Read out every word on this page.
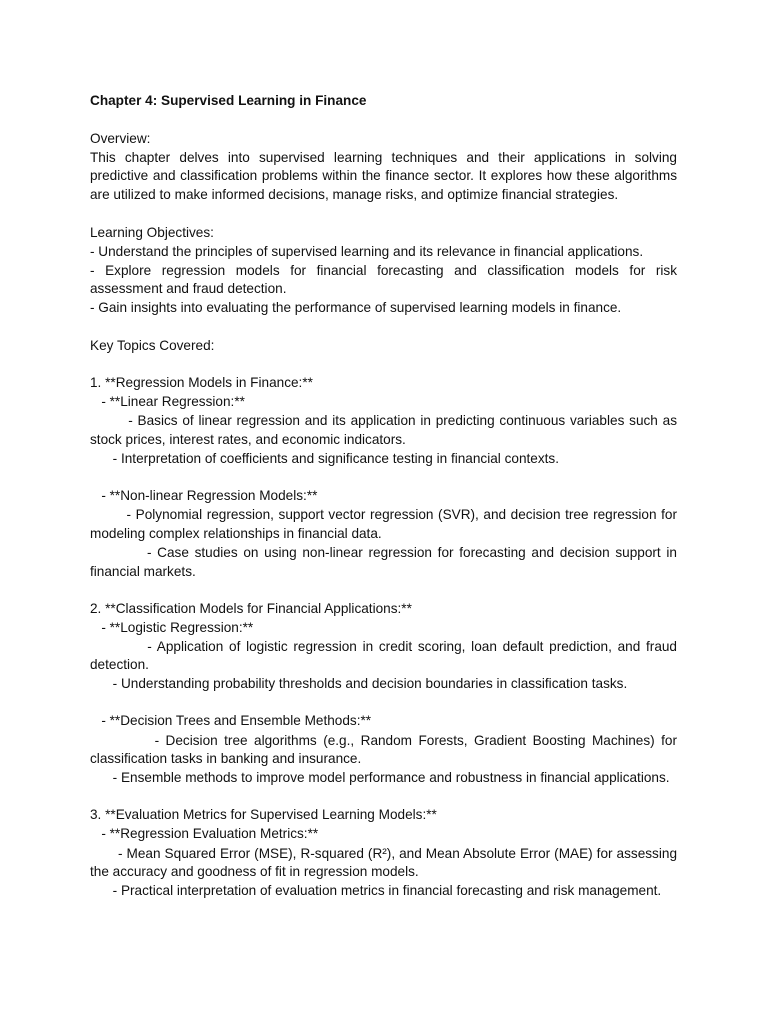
Chapter 4: Supervised Learning in Finance
Overview:
This chapter delves into supervised learning techniques and their applications in solving
predictive and classification problems within the finance sector. It explores how these algorithms
are utilized to make informed decisions, manage risks, and optimize financial strategies.
Learning Objectives:
- Understand the principles of supervised learning and its relevance in financial applications.
- Explore regression models for financial forecasting and classification models for risk
assessment and fraud detection.
- Gain insights into evaluating the performance of supervised learning models in finance.
Key Topics Covered:
1. **Regression Models in Finance:**
- **Linear Regression:**
- Basics of linear regression and its application in predicting continuous variables such as
stock prices, interest rates, and economic indicators.
- Interpretation of coefficients and significance testing in financial contexts.
- **Non-linear Regression Models:**
- Polynomial regression, support vector regression (SVR), and decision tree regression for
modeling complex relationships in financial data.
- Case studies on using non-linear regression for forecasting and decision support in
financial markets.
2. **Classification Models for Financial Applications:**
- **Logistic Regression:**
- Application of logistic regression in credit scoring, loan default prediction, and fraud
detection.
- Understanding probability thresholds and decision boundaries in classification tasks.
- **Decision Trees and Ensemble Methods:**
- Decision tree algorithms (e.g., Random Forests, Gradient Boosting Machines) for
classification tasks in banking and insurance.
- Ensemble methods to improve model performance and robustness in financial applications.
3. **Evaluation Metrics for Supervised Learning Models:**
- **Regression Evaluation Metrics:**
- Mean Squared Error (MSE), R-squared (R²), and Mean Absolute Error (MAE) for assessing
the accuracy and goodness of fit in regression models.
- Practical interpretation of evaluation metrics in financial forecasting and risk management.
